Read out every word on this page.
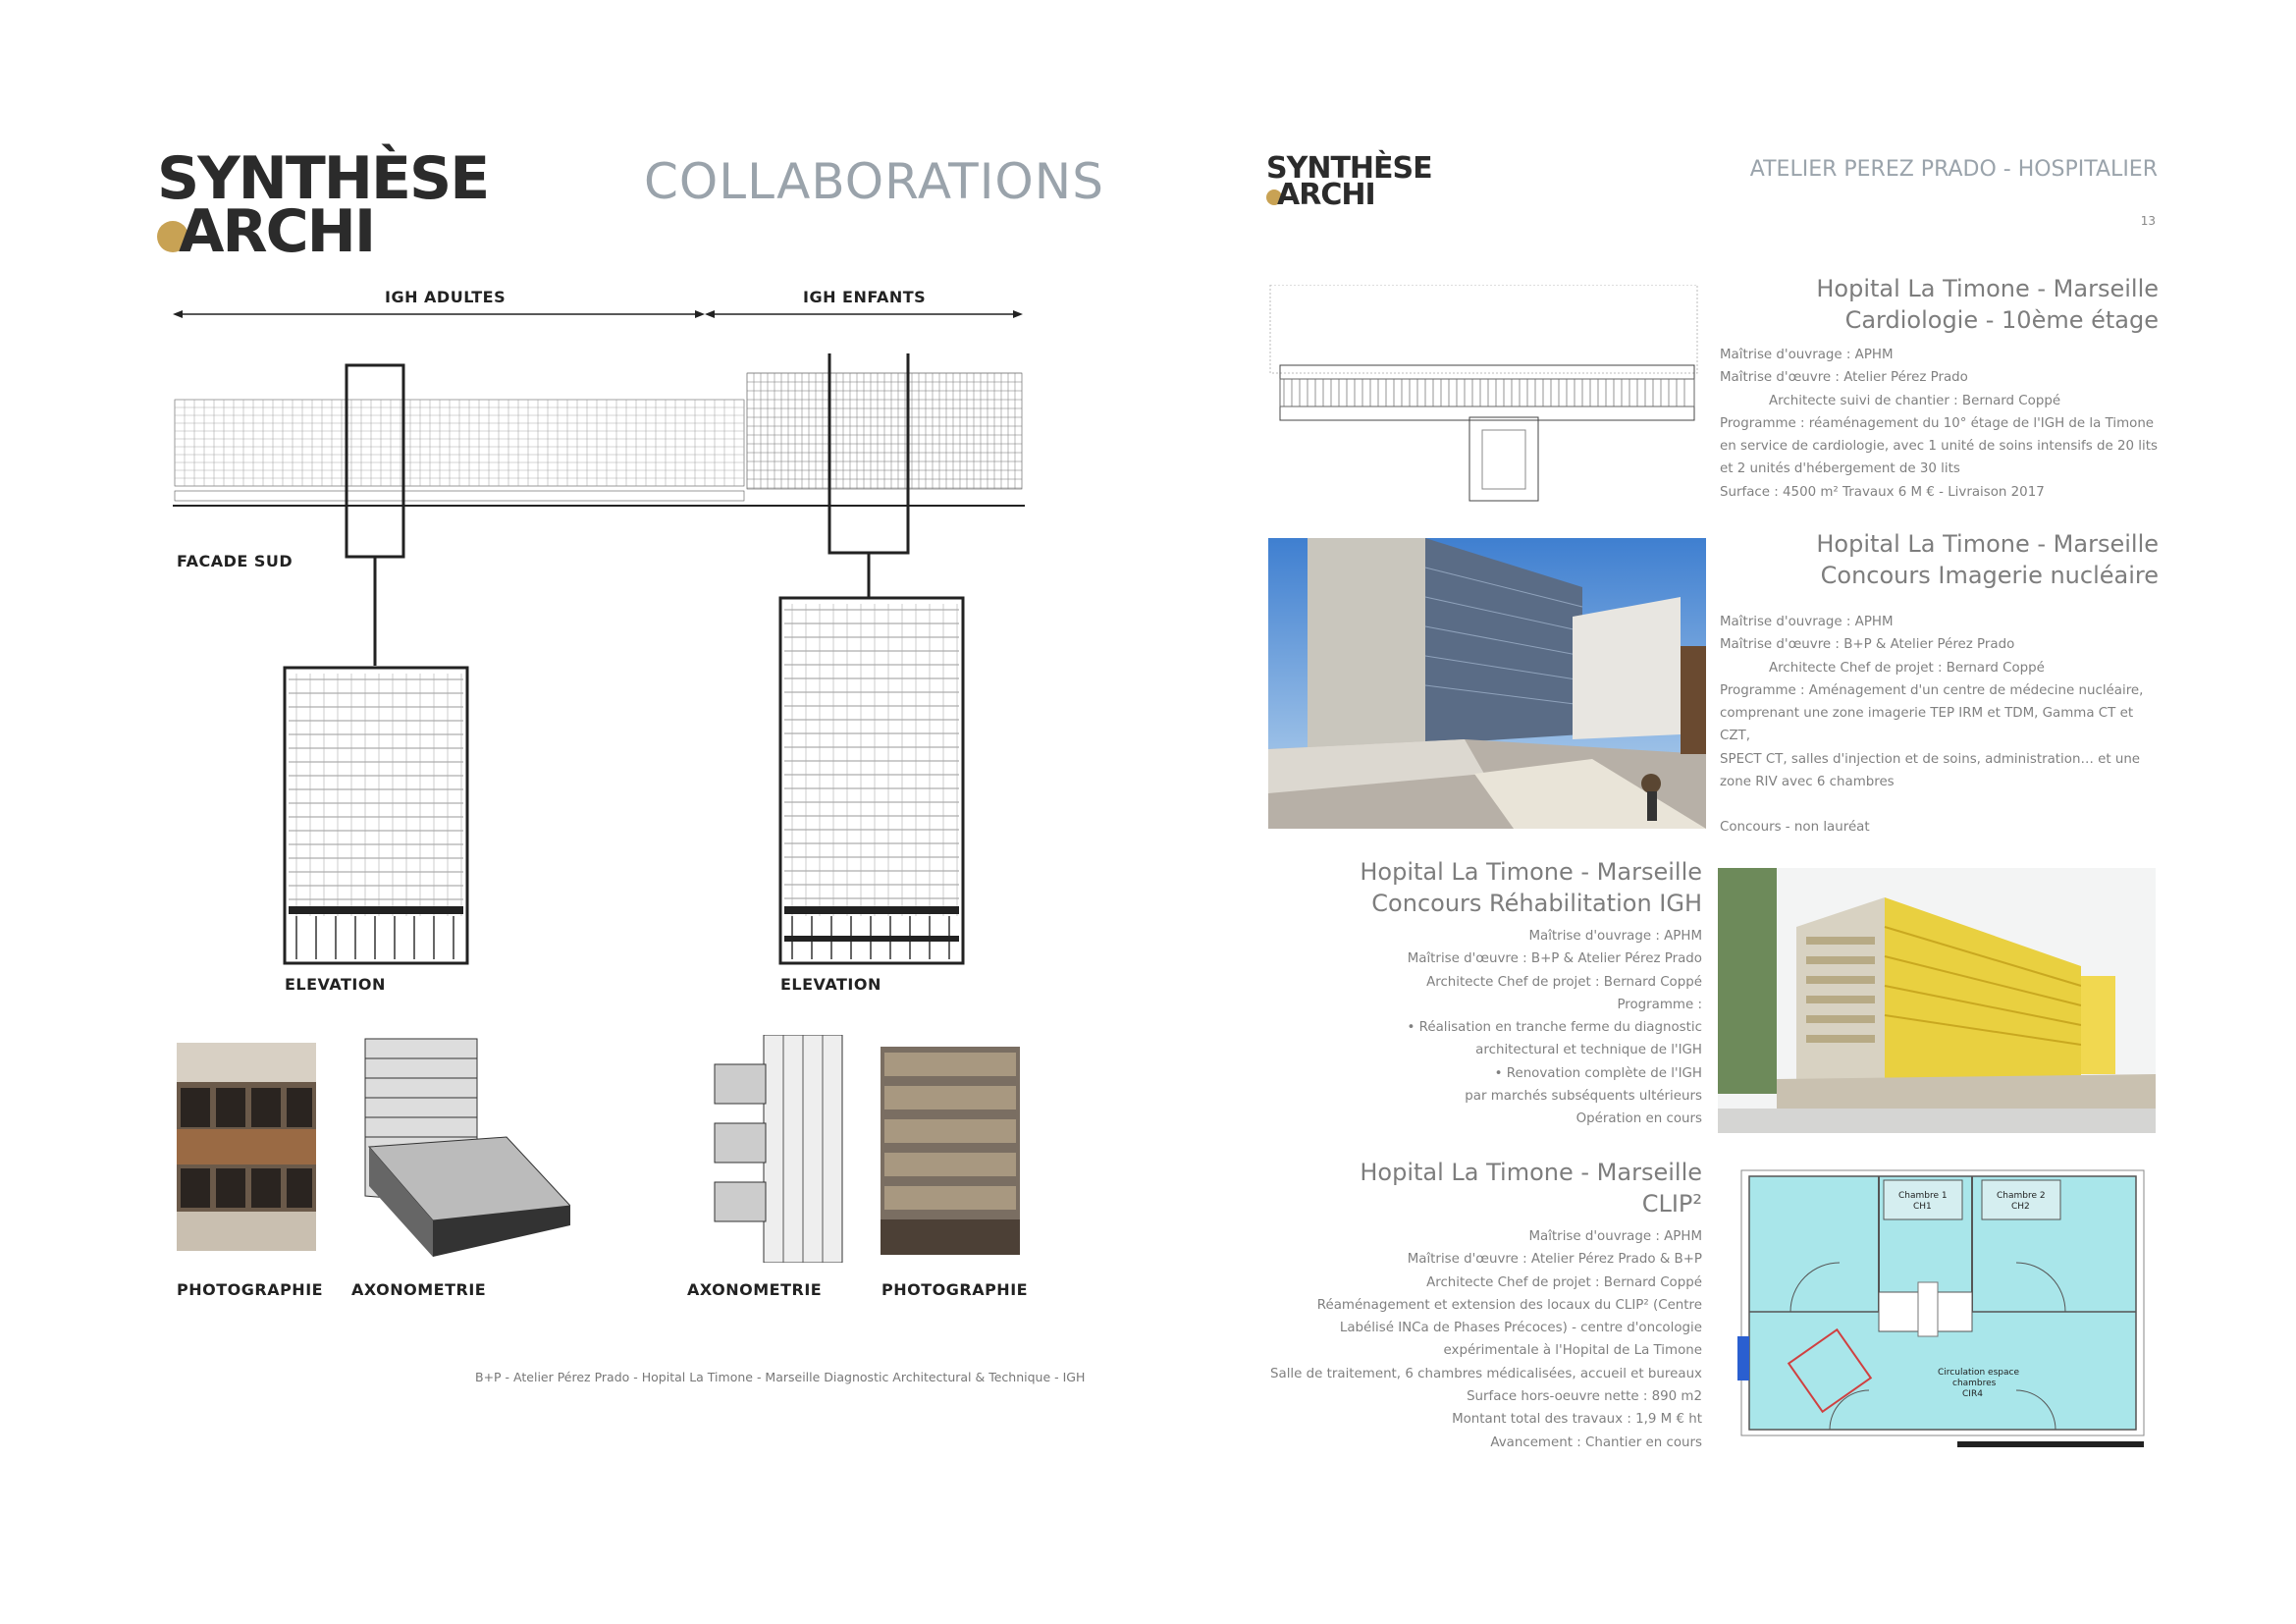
SYNTHÈSE
ARCHI
COLLABORATIONS
IGH ADULTES	IGH ENFANTS
FACADE SUD
ELEVATION	ELEVATION
PHOTOGRAPHIE AXONOMETRIE	AXONOMETRIE	PHOTOGRAPHIE
B+P - Atelier Pérez Prado - Hopital La Timone - Marseille Diagnostic Architectural & Technique - IGH
SYNTHÈSE
ARCHI
ATELIER PEREZ PRADO - HOSPITALIER
13
Hopital La Timone - Marseille
Cardiologie - 10ème étage
Maîtrise d'ouvrage : APHM
Maîtrise d'œuvre : Atelier Pérez Prado
Architecte suivi de chantier : Bernard Coppé
Programme : réaménagement du 10° étage de l'IGH de la Timone
en service de cardiologie, avec 1 unité de soins intensifs de 20 lits
et 2 unités d'hébergement de 30 lits
Surface : 4500 m² Travaux 6 M € - Livraison 2017
Hopital La Timone - Marseille
Concours Imagerie nucléaire
Maîtrise d'ouvrage : APHM
Maîtrise d'œuvre : B+P & Atelier Pérez Prado
Architecte Chef de projet : Bernard Coppé
Programme : Aménagement d'un centre de médecine nucléaire,
comprenant une zone imagerie TEP IRM et TDM, Gamma CT et CZT,
SPECT CT, salles d'injection et de soins, administration… et une
zone RIV avec 6 chambres
Concours - non lauréat
Hopital La Timone - Marseille
Concours Réhabilitation IGH
Maîtrise d'ouvrage : APHM
Maîtrise d'œuvre : B+P & Atelier Pérez Prado
Architecte Chef de projet : Bernard Coppé
Programme :
• Réalisation en tranche ferme du diagnostic
architectural et technique de l'IGH
• Renovation complète de l'IGH
par marchés subséquents ultérieurs
Opération en cours
Hopital La Timone - Marseille
CLIP²
Maîtrise d'ouvrage : APHM
Maîtrise d'œuvre : Atelier Pérez Prado & B+P
Architecte Chef de projet : Bernard Coppé
Réaménagement et extension des locaux du CLIP² (Centre
Labélisé INCa de Phases Précoces) - centre d'oncologie
expérimentale à l'Hopital de La Timone
Salle de traitement, 6 chambres médicalisées, accueil et bureaux
Surface hors-oeuvre nette : 890 m2
Montant total des travaux : 1,9 M € ht
Avancement : Chantier en cours
Chambre 1
CH1
Chambre 2
CH2
Circulation espace
chambres
CIR4
